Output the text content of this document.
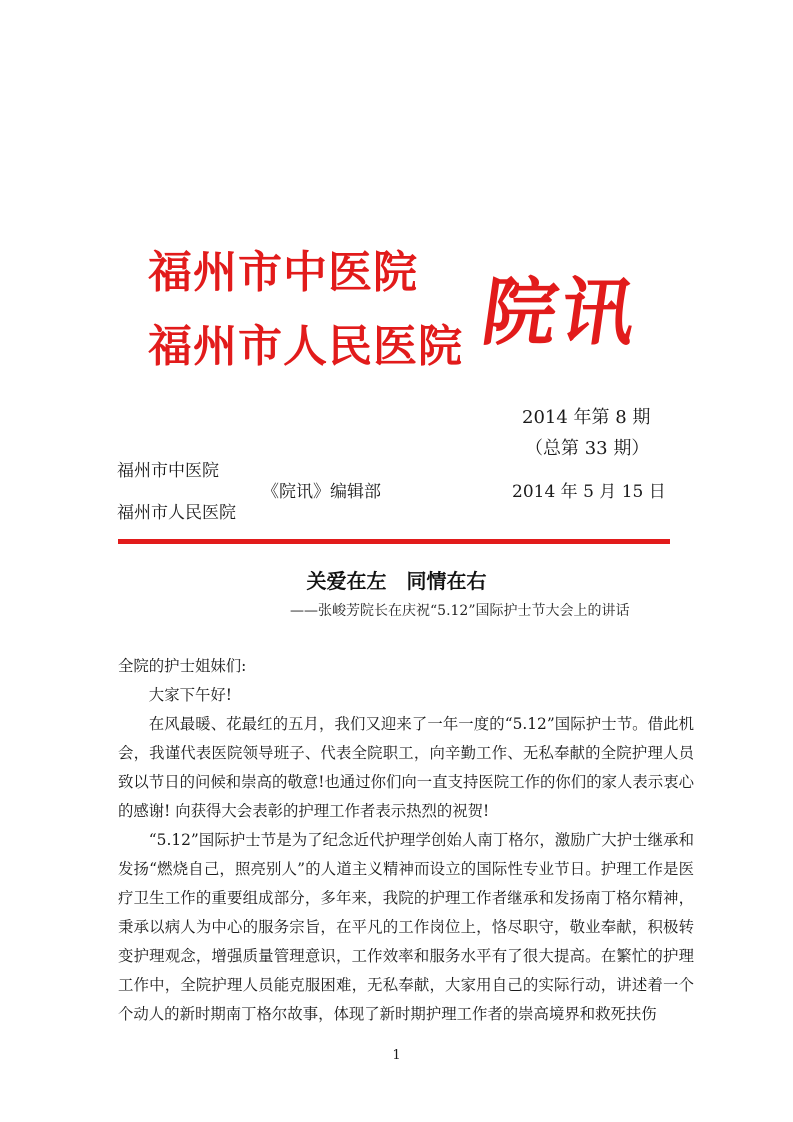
福州市中医院
福州市人民医院 院讯
2014 年第 8 期
（总第 33 期）
福州市中医院
《院讯》编辑部	2014 年 5 月 15 日
福州市人民医院
关爱在左　同情在右
——张峻芳院长在庆祝“5.12”国际护士节大会上的讲话

全院的护士姐妹们:

大家下午好!

在风最暖、花最红的五月，我们又迎来了一年一度的“5.12”国际护士节。借此机会，我谨代表医院领导班子、代表全院职工，向辛勤工作、无私奉献的全院护理人员致以节日的问候和崇高的敬意!也通过你们向一直支持医院工作的你们的家人表示衷心的感谢! 向获得大会表彰的护理工作者表示热烈的祝贺!

“5.12”国际护士节是为了纪念近代护理学创始人南丁格尔，激励广大护士继承和发扬“燃烧自己，照亮别人”的人道主义精神而设立的国际性专业节日。护理工作是医疗卫生工作的重要组成部分，多年来，我院的护理工作者继承和发扬南丁格尔精神，秉承以病人为中心的服务宗旨，在平凡的工作岗位上，恪尽职守，敬业奉献，积极转变护理观念，增强质量管理意识，工作效率和服务水平有了很大提高。在繁忙的护理工作中，全院护理人员能克服困难，无私奉献，大家用自己的实际行动，讲述着一个个动人的新时期南丁格尔故事，体现了新时期护理工作者的崇高境界和救死扶伤

1
